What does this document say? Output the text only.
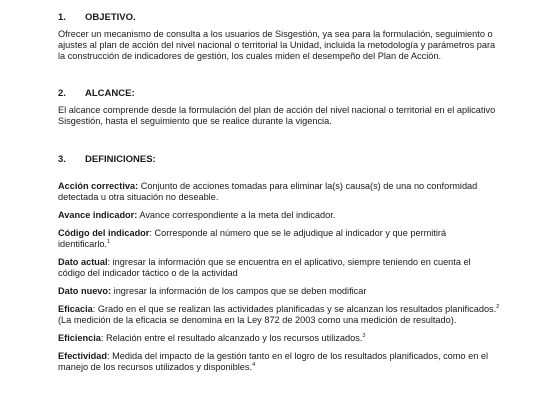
1.	OBJETIVO.

Ofrecer un mecanismo de consulta a los usuarios de Sisgestión, ya sea para la formulación, seguimiento o ajustes al plan de acción del nivel nacional o territorial la Unidad, incluida la metodología y parámetros para la construcción de indicadores de gestión, los cuales miden el desempeño del Plan de Acción.

2.	ALCANCE:

El alcance comprende desde la formulación del plan de acción del nivel nacional o territorial en el aplicativo Sisgestión, hasta el seguimiento que se realice durante la vigencia.

3.	DEFINICIONES:
Acción correctiva: Conjunto de acciones tomadas para eliminar la(s) causa(s) de una no conformidad detectada u otra situación no deseable.
Avance indicador: Avance correspondiente a la meta del indicador.
Código del indicador: Corresponde al número que se le adjudique al indicador y que permitirá identificarlo.$^1$
Dato actual: ingresar la información que se encuentra en el aplicativo, siempre teniendo en cuenta el código del indicador táctico o de la actividad
Dato nuevo: ingresar la información de los campos que se deben modificar
Eficacia: Grado en el que se realizan las actividades planificadas y se alcanzan los resultados planificados.$^2$ (La medición de la eficacia se denomina en la Ley 872 de 2003 como una medición de resultado).
Eficiencia: Relación entre el resultado alcanzado y los recursos utilizados.$^3$
Efectividad: Medida del impacto de la gestión tanto en el logro de los resultados planificados, como en el manejo de los recursos utilizados y disponibles.$^4$
